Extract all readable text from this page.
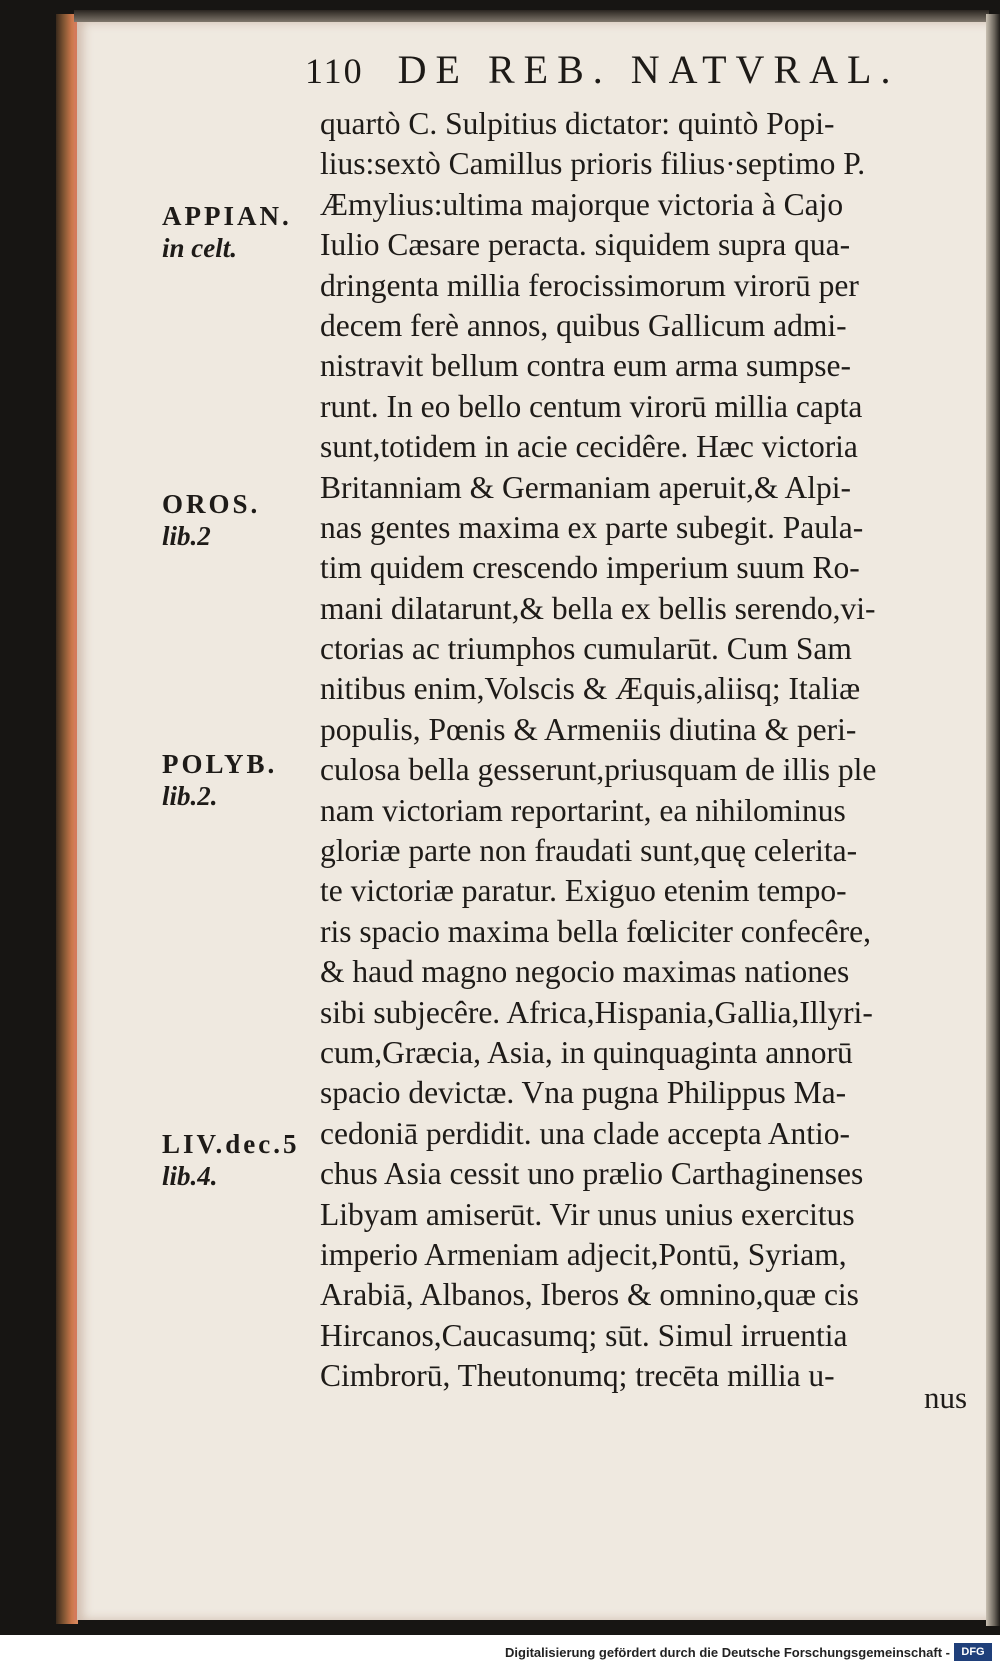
110 DE REB. NATVRAL.
quartò C. Sulpitius dictator: quintò Popi-
lius:sextò Camillus prioris filius·septimo P.
Æmylius:ultima majorque victoria à Cajo
Iulio Cæsare peracta. siquidem supra qua-
dringenta millia ferocissimorum virorū per
decem ferè annos, quibus Gallicum admi-
nistravit bellum contra eum arma sumpse-
runt. In eo bello centum virorū millia capta
sunt,totidem in acie cecidêre. Hæc victoria
Britanniam & Germaniam aperuit,& Alpi-
nas gentes maxima ex parte subegit. Paula-
tim quidem crescendo imperium suum Ro-
mani dilatarunt,& bella ex bellis serendo,vi-
ctorias ac triumphos cumularūt. Cum Sam
nitibus enim,Volscis & Æquis,aliisq; Italiæ
populis, Pœnis & Armeniis diutina & peri-
culosa bella gesserunt,priusquam de illis ple
nam victoriam reportarint, ea nihilominus
gloriæ parte non fraudati sunt,quę celerita-
te victoriæ paratur. Exiguo etenim tempo-
ris spacio maxima bella fœliciter confecêre,
& haud magno negocio maximas nationes
sibi subjecêre. Africa,Hispania,Gallia,Illyri-
cum,Græcia, Asia, in quinquaginta annorū
spacio devictæ. Vna pugna Philippus Ma-
cedoniā perdidit. una clade accepta Antio-
chus Asia cessit uno prælio Carthaginenses
Libyam amiserūt. Vir unus unius exercitus
imperio Armeniam adjecit,Pontū, Syriam,
Arabiā, Albanos, Iberos & omnino,quæ cis
Hircanos,Caucasumq; sūt. Simul irruentia
Cimbrorū, Theutonumq; trecēta millia u-
nus
APPIAN.
in celt.
OROS.
lib.2
POLYB.
lib.2.
LIV.dec.5
lib.4.
Digitalisierung gefördert durch die Deutsche Forschungsgemeinschaft -	DFG
